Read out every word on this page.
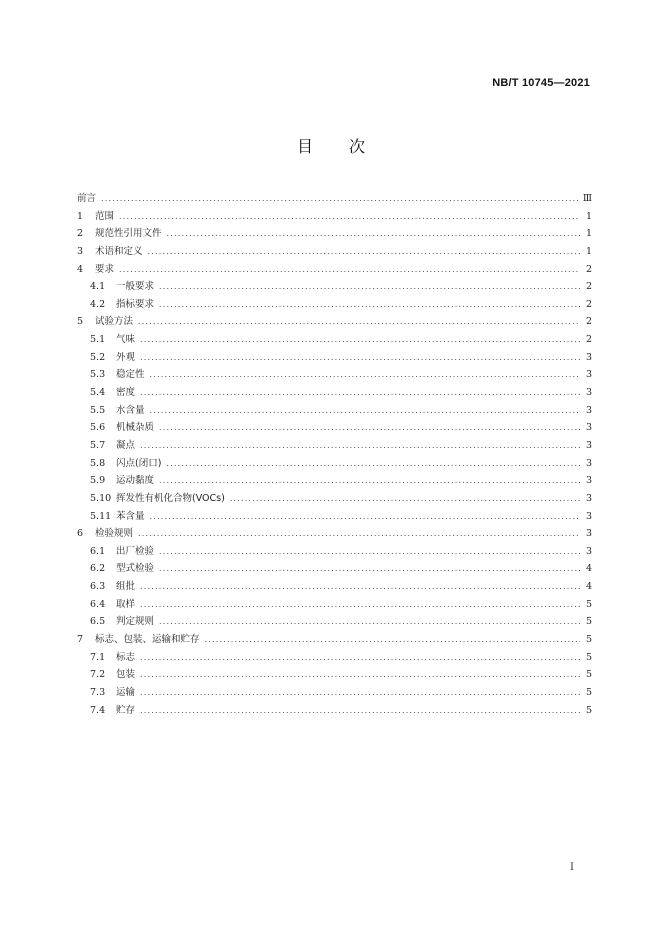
NB/T 10745—2021
目 次
前言 .....	Ⅲ
1	范围 .....	1
2	规范性引用文件 .....	1
3	术语和定义 .....	1
4	要求 .....	2
4.1	一般要求 .....	2
4.2	指标要求 .....	2
5	试验方法 .....	2
5.1	气味 .....	2
5.2	外观 .....	3
5.3	稳定性 .....	3
5.4	密度 .....	3
5.5	水含量 .....	3
5.6	机械杂质 .....	3
5.7	凝点 .....	3
5.8	闪点(闭口) .....	3
5.9	运动黏度 .....	3
5.10 挥发性有机化合物(VOCs) .....	3
5.11 苯含量 .....	3
6	检验规则 .....	3
6.1	出厂检验 .....	3
6.2	型式检验 .....	4
6.3	组批 .....	4
6.4	取样 .....	5
6.5	判定规则 .....	5
7	标志、包装、运输和贮存 .....	5
7.1	标志 .....	5
7.2	包装 .....	5
7.3	运输 .....	5
7.4	贮存 .....	5
I
